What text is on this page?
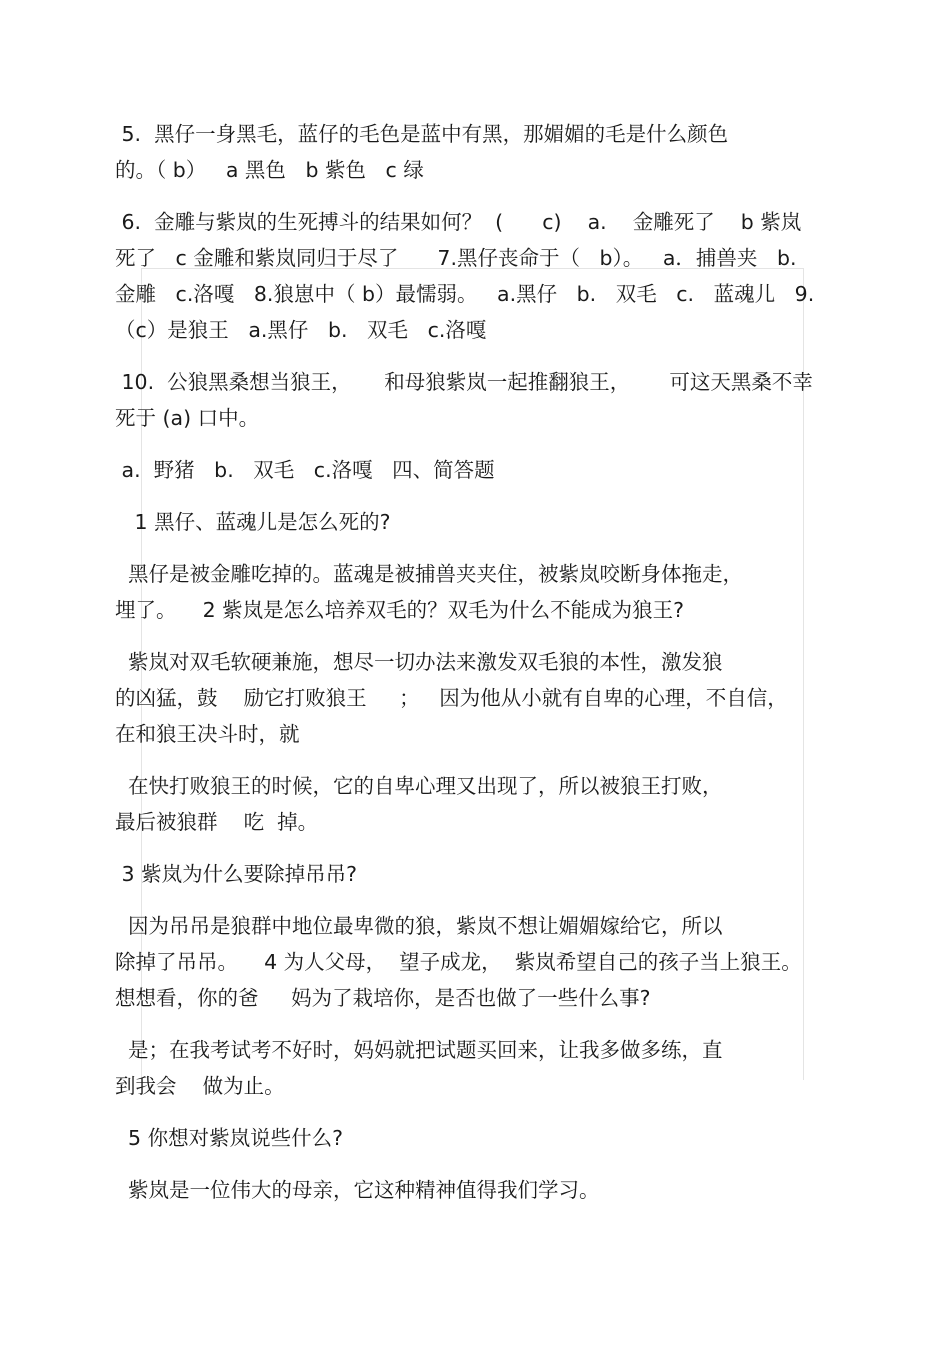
5.  黑仔一身黑毛，蓝仔的毛色是蓝中有黑，那媚媚的毛是什么颜色
的。（ b）   a 黑色   b 紫色   c 绿
6.  金雕与紫岚的生死搏斗的结果如何？  (      c)    a.    金雕死了    b 紫岚
死了   c 金雕和紫岚同归于尽了      7.黑仔丧命于（   b）。   a．捕兽夹   b.
金雕   c.洛嘎   8.狼崽中（ b）最懦弱。   a.黑仔   b.   双毛   c.   蓝魂儿   9.
（c）是狼王   a.黑仔   b.   双毛   c.洛嘎
10.  公狼黑桑想当狼王，     和母狼紫岚一起推翻狼王，      可这天黑桑不幸
死于 (a) 口中。
a.  野猪   b.   双毛   c.洛嘎   四、简答题
1 黑仔、蓝魂儿是怎么死的?
黑仔是被金雕吃掉的。蓝魂是被捕兽夹夹住，被紫岚咬断身体拖走，
埋了。    2 紫岚是怎么培养双毛的？双毛为什么不能成为狼王?
紫岚对双毛软硬兼施，想尽一切办法来激发双毛狼的本性，激发狼
的凶猛，鼓    励它打败狼王     ；   因为他从小就有自卑的心理，不自信，
在和狼王决斗时，就
在快打败狼王的时候，它的自卑心理又出现了，所以被狼王打败，
最后被狼群    吃  掉。
3 紫岚为什么要除掉吊吊?
因为吊吊是狼群中地位最卑微的狼，紫岚不想让媚媚嫁给它，所以
除掉了吊吊。    4 为人父母，  望子成龙，  紫岚希望自己的孩子当上狼王。
想想看，你的爸     妈为了栽培你，是否也做了一些什么事?
是；在我考试考不好时，妈妈就把试题买回来，让我多做多练，直
到我会    做为止。
5 你想对紫岚说些什么?
紫岚是一位伟大的母亲，它这种精神值得我们学习。
